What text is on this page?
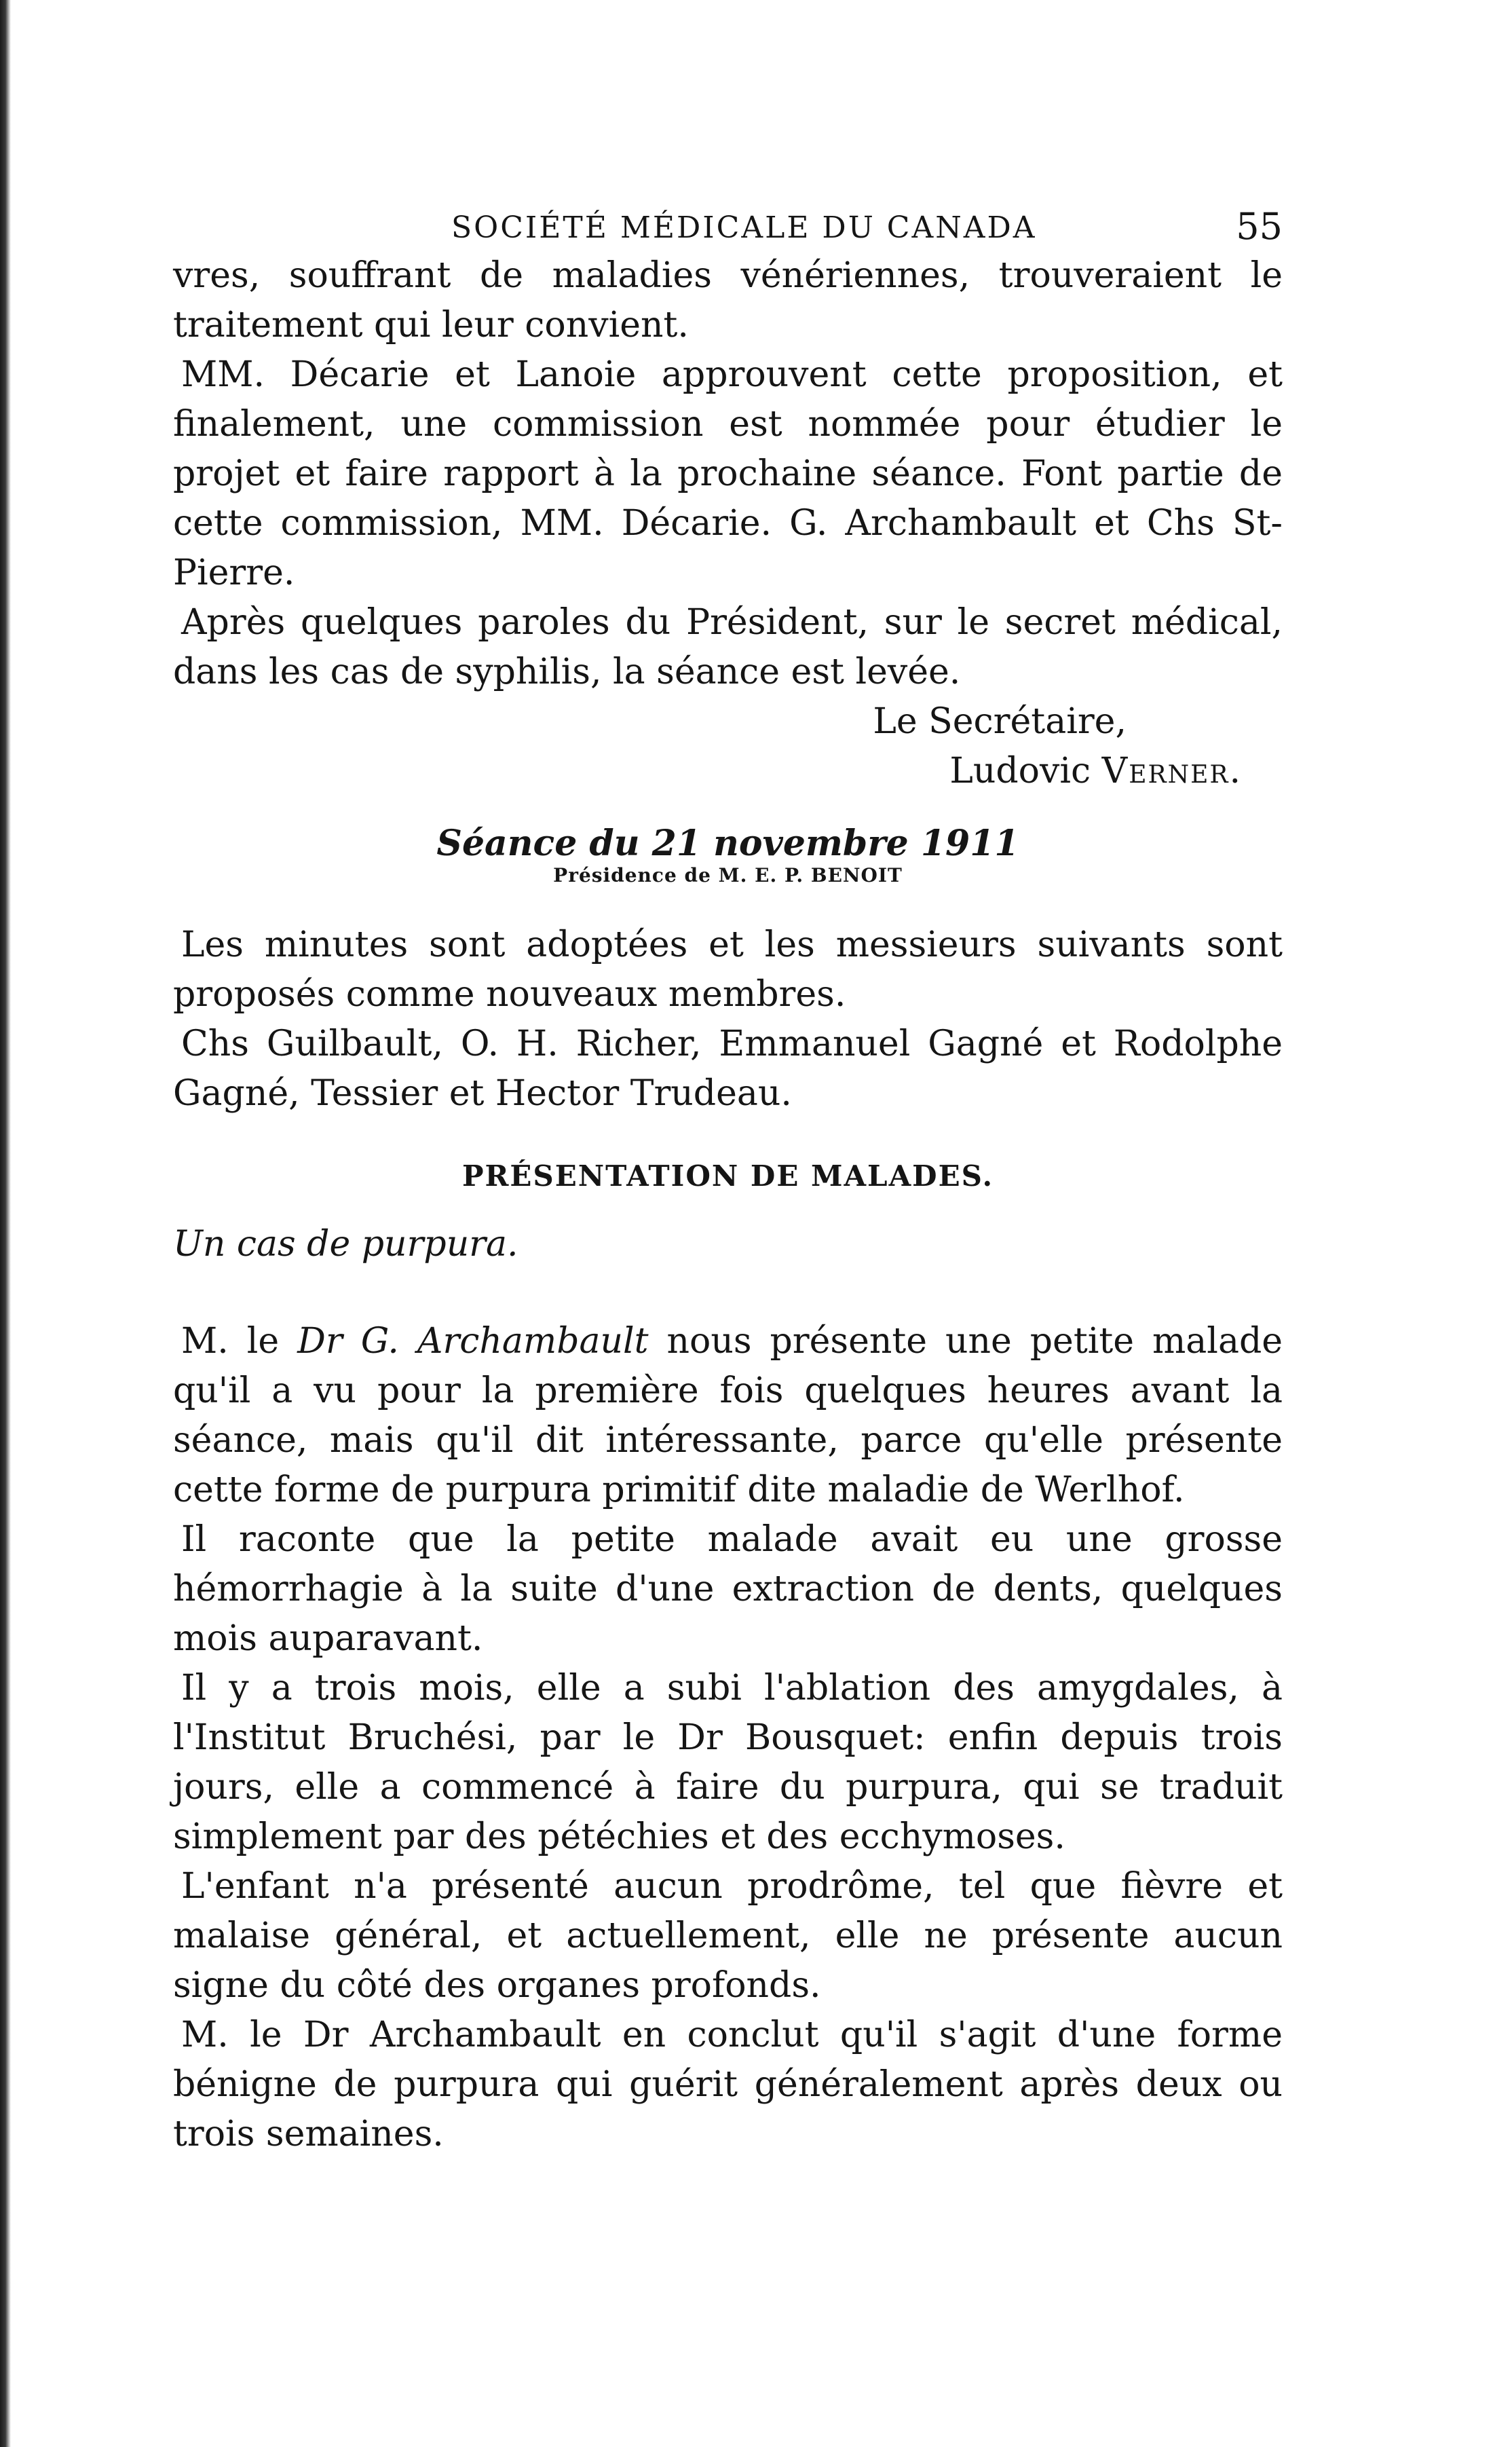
SOCIÉTÉ MÉDICALE DU CANADA	55

vres, souffrant de maladies vénériennes, trouveraient le traitement qui leur convient.

MM. Décarie et Lanoie approuvent cette proposition, et finalement, une commission est nommée pour étudier le projet et faire rapport à la prochaine séance. Font partie de cette commission, MM. Décarie. G. Archambault et Chs St-Pierre.

Après quelques paroles du Président, sur le secret médical, dans les cas de syphilis, la séance est levée.

Le Secrétaire,
Ludovic Verner.
Séance du 21 novembre 1911
Présidence de M. E. P. BENOIT

Les minutes sont adoptées et les messieurs suivants sont proposés comme nouveaux membres.

Chs Guilbault, O. H. Richer, Emmanuel Gagné et Rodolphe Gagné, Tessier et Hector Trudeau.

PRÉSENTATION DE MALADES.
Un cas de purpura.

M. le Dr G. Archambault nous présente une petite malade qu'il a vu pour la première fois quelques heures avant la séance, mais qu'il dit intéressante, parce qu'elle présente cette forme de purpura primitif dite maladie de Werlhof.

Il raconte que la petite malade avait eu une grosse hémorrhagie à la suite d'une extraction de dents, quelques mois auparavant.

Il y a trois mois, elle a subi l'ablation des amygdales, à l'Institut Bruchési, par le Dr Bousquet: enfin depuis trois jours, elle a commencé à faire du purpura, qui se traduit simplement par des pétéchies et des ecchymoses.

L'enfant n'a présenté aucun prodrôme, tel que fièvre et malaise général, et actuellement, elle ne présente aucun signe du côté des organes profonds.

M. le Dr Archambault en conclut qu'il s'agit d'une forme bénigne de purpura qui guérit généralement après deux ou trois semaines.
